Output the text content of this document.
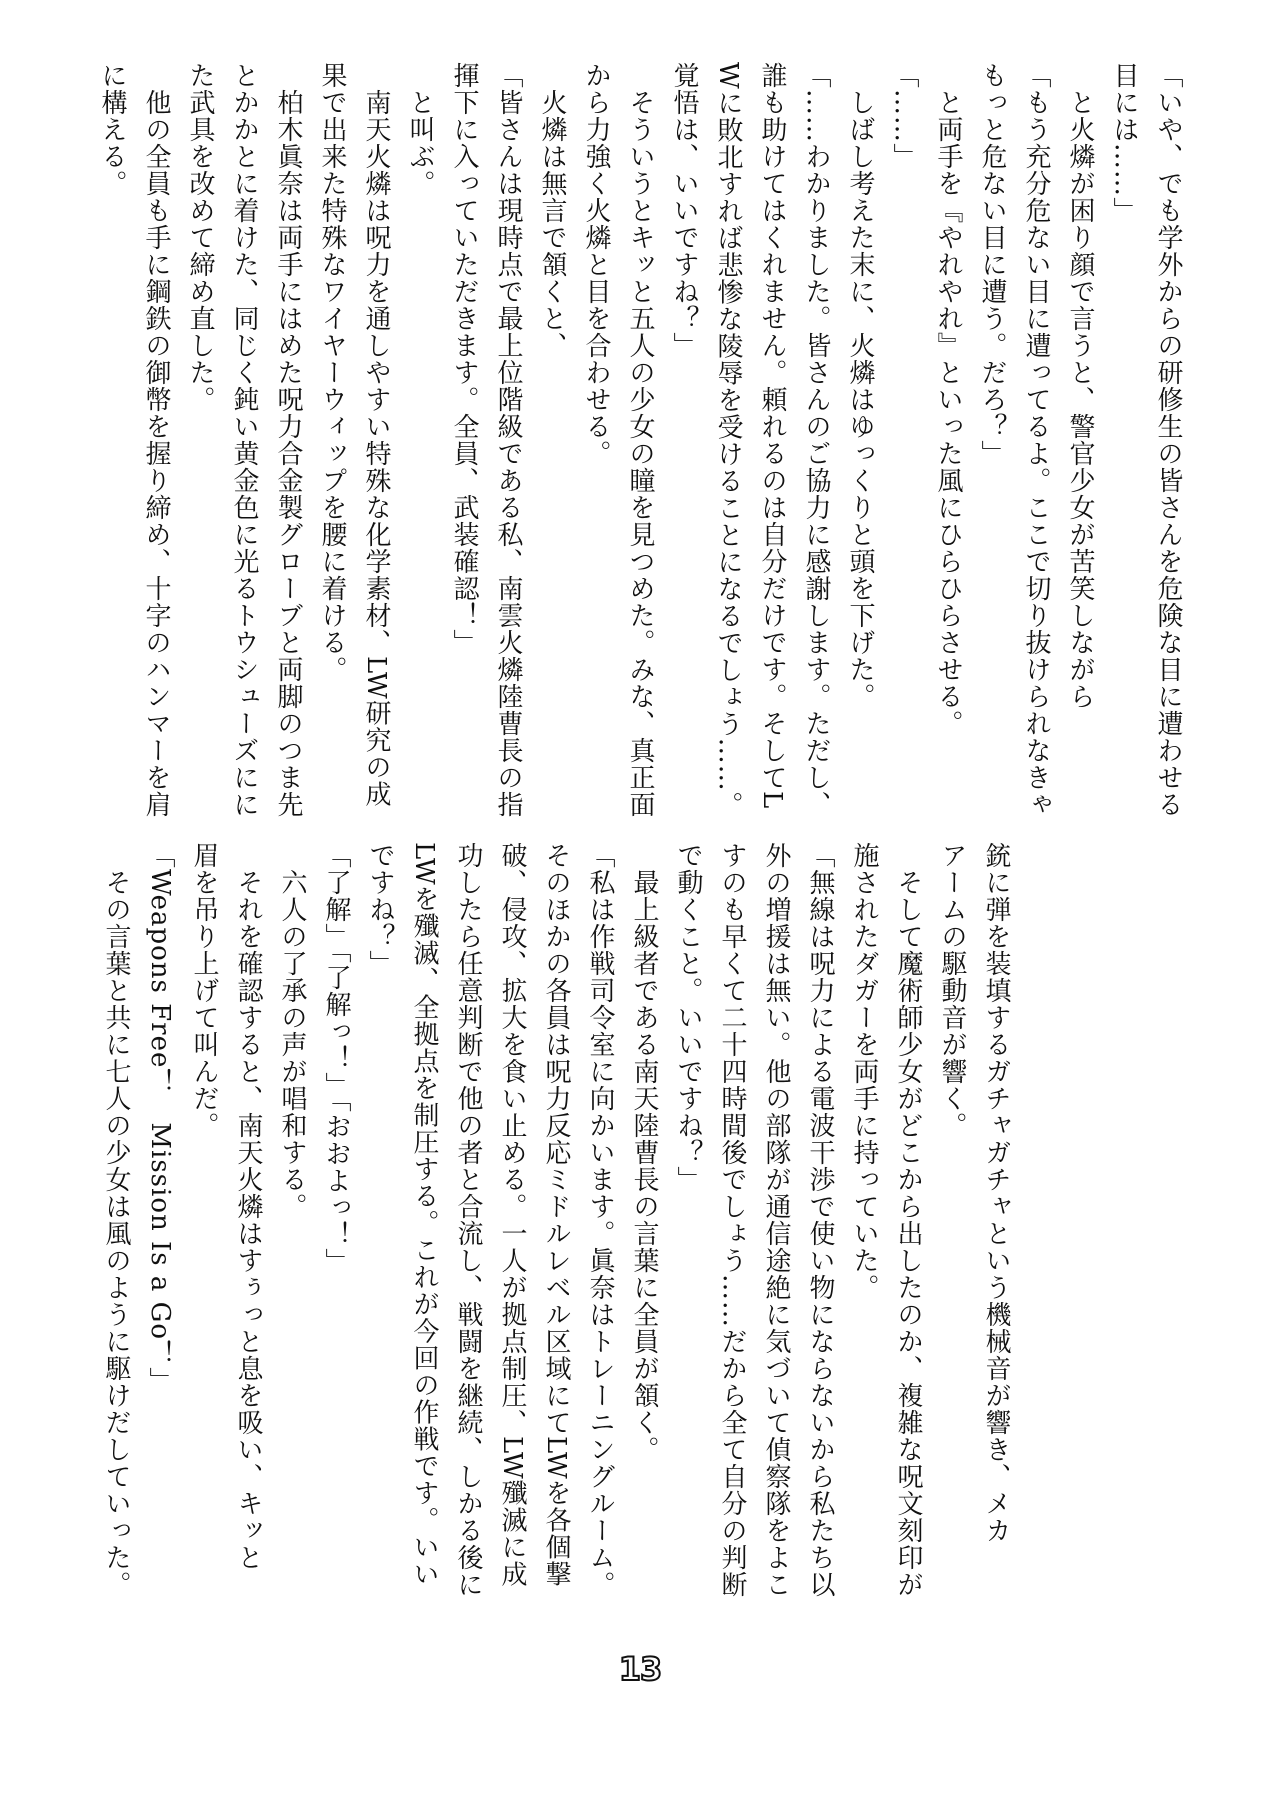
「いや、でも学外からの研修生の皆さんを危険な目に遭わせる

目には……」

　と火燐が困り顔で言うと、警官少女が苦笑しながら

「もう充分危ない目に遭ってるよ。ここで切り抜けられなきゃ

もっと危ない目に遭う。だろ？」

　と両手を『やれやれ』といった風にひらひらさせる。

「……」

　しばし考えた末に、火燐はゆっくりと頭を下げた。

「……わかりました。皆さんのご協力に感謝します。ただし、

誰も助けてはくれません。頼れるのは自分だけです。そしてL

Wに敗北すれば悲惨な陵辱を受けることになるでしょう……。

覚悟は、いいですね？」

　そういうとキッと五人の少女の瞳を見つめた。みな、真正面

から力強く火燐と目を合わせる。

　火燐は無言で頷くと、

「皆さんは現時点で最上位階級である私、南雲火燐陸曹長の指

揮下に入っていただきます。全員、武装確認！」

　と叫ぶ。

　南天火燐は呪力を通しやすい特殊な化学素材、LW研究の成

果で出来た特殊なワイヤーウィップを腰に着ける。

　柏木眞奈は両手にはめた呪力合金製グローブと両脚のつま先

とかかとに着けた、同じく鈍い黄金色に光るトウシューズにに

た武具を改めて締め直した。

　他の全員も手に鋼鉄の御幣を握り締め、十字のハンマーを肩

に構える。

銃に弾を装填するガチャガチャという機械音が響き、メカ

アームの駆動音が響く。

　そして魔術師少女がどこから出したのか、複雑な呪文刻印が

施されたダガーを両手に持っていた。

「無線は呪力による電波干渉で使い物にならないから私たち以

外の増援は無い。他の部隊が通信途絶に気づいて偵察隊をよこ

すのも早くて二十四時間後でしょう……だから全て自分の判断

で動くこと。いいですね？」

　最上級者である南天陸曹長の言葉に全員が頷く。

「私は作戦司令室に向かいます。眞奈はトレーニングルーム。

そのほかの各員は呪力反応ミドルレベル区域にてLWを各個撃

破、侵攻、拡大を食い止める。一人が拠点制圧、LW殲滅に成

功したら任意判断で他の者と合流し、戦闘を継続、しかる後に

LWを殲滅、全拠点を制圧する。これが今回の作戦です。いい

ですね？」

「了解」「了解っ！」「おおよっ！」

　六人の了承の声が唱和する。

　それを確認すると、南天火燐はすぅっと息を吸い、キッと

眉を吊り上げて叫んだ。

「Weapons Free！　Mission Is a Go！」

　その言葉と共に七人の少女は風のように駆けだしていった。

13
